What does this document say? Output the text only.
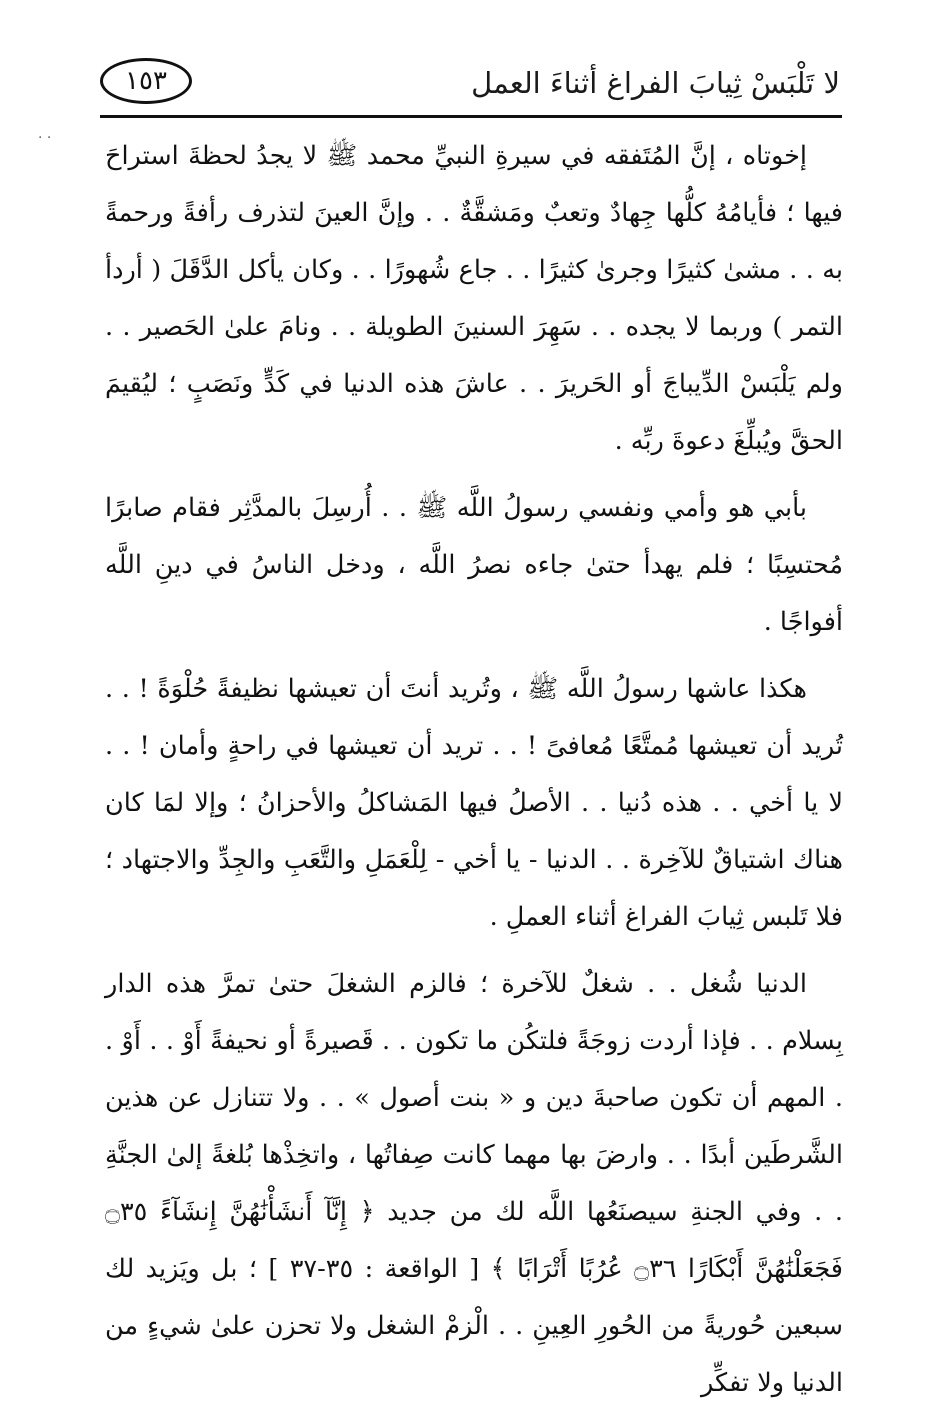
١٥٣	لا تَلْبَسْ ثِيابَ الفراغ أثناءَ العمل
· ·

إخوتاه ، إنَّ المُتَفقه في سيرةِ النبيِّ محمد ﷺ لا يجدُ لحظةَ استراحَ فيها ؛ فأيامُهُ كلُّها جِهادٌ وتعبٌ ومَشقَّةٌ . . وإنَّ العينَ لتذرف رأفةً ورحمةً به . . مشىٰ كثيرًا وجرىٰ كثيرًا . . جاع شُهورًا . . وكان يأكل الدَّقَلَ ( أردأ التمر ) وربما لا يجده . . سَهِرَ السنينَ الطويلة . . ونامَ علىٰ الحَصير . . ولم يَلْبَسْ الدِّيباجَ أو الحَريرَ . . عاشَ هذه الدنيا في كَدٍّ ونَصَبٍ ؛ ليُقيمَ الحقَّ ويُبلِّغَ دعوةَ ربِّه .

بأبي هو وأمي ونفسي رسولُ اللَّه ﷺ . . أُرسِلَ بالمدَّثِر فقام صابرًا مُحتسِبًا ؛ فلم يهدأ حتىٰ جاءه نصرُ اللَّه ، ودخل الناسُ في دينِ اللَّه أفواجًا .

هكذا عاشها رسولُ اللَّه ﷺ ، وتُريد أنتَ أن تعيشها نظيفةً حُلْوَةً ! . . تُريد أن تعيشها مُمتَّعًا مُعافىً ! . . تريد أن تعيشها في راحةٍ وأمان ! . . لا يا أخي . . هذه دُنيا . . الأصلُ فيها المَشاكلُ والأحزانُ ؛ وإلا لمَا كان هناك اشتياقٌ للآخِرة . . الدنيا - يا أخي - لِلْعَمَلِ والتَّعَبِ والجِدِّ والاجتهاد ؛ فلا تَلبس ثِيابَ الفراغ أثناء العملِ .

الدنيا شُغل . . شغلٌ للآخرة ؛ فالزم الشغلَ حتىٰ تمرَّ هذه الدار بِسلام . . فإذا أردت زوجَةً فلتكُن ما تكون . . قَصيرةً أو نحيفةً أَوْ . . أَوْ . . المهم أن تكون صاحبةَ دين و « بنت أصول » . . ولا تتنازل عن هذين الشَّرطَين أبدًا . . وارضَ بها مهما كانت صِفاتُها ، واتخِذْها بُلغةً إلىٰ الجنَّةِ . . وفي الجنةِ سيصنَعُها اللَّه لك من جديد ﴿ إِنَّآ أَنشَأْنَٰهُنَّ إِنشَآءً ۝٣٥ فَجَعَلْنَٰهُنَّ أَبْكَارًا ۝٣٦ عُرُبًا أَتْرَابًا ﴾ [ الواقعة : ٣٥-٣٧ ] ؛ بل ويَزيد لك سبعين حُوريةً من الحُورِ العِينِ . . الْزمْ الشغل ولا تحزن علىٰ شيءٍ من الدنيا ولا تفكِّر
